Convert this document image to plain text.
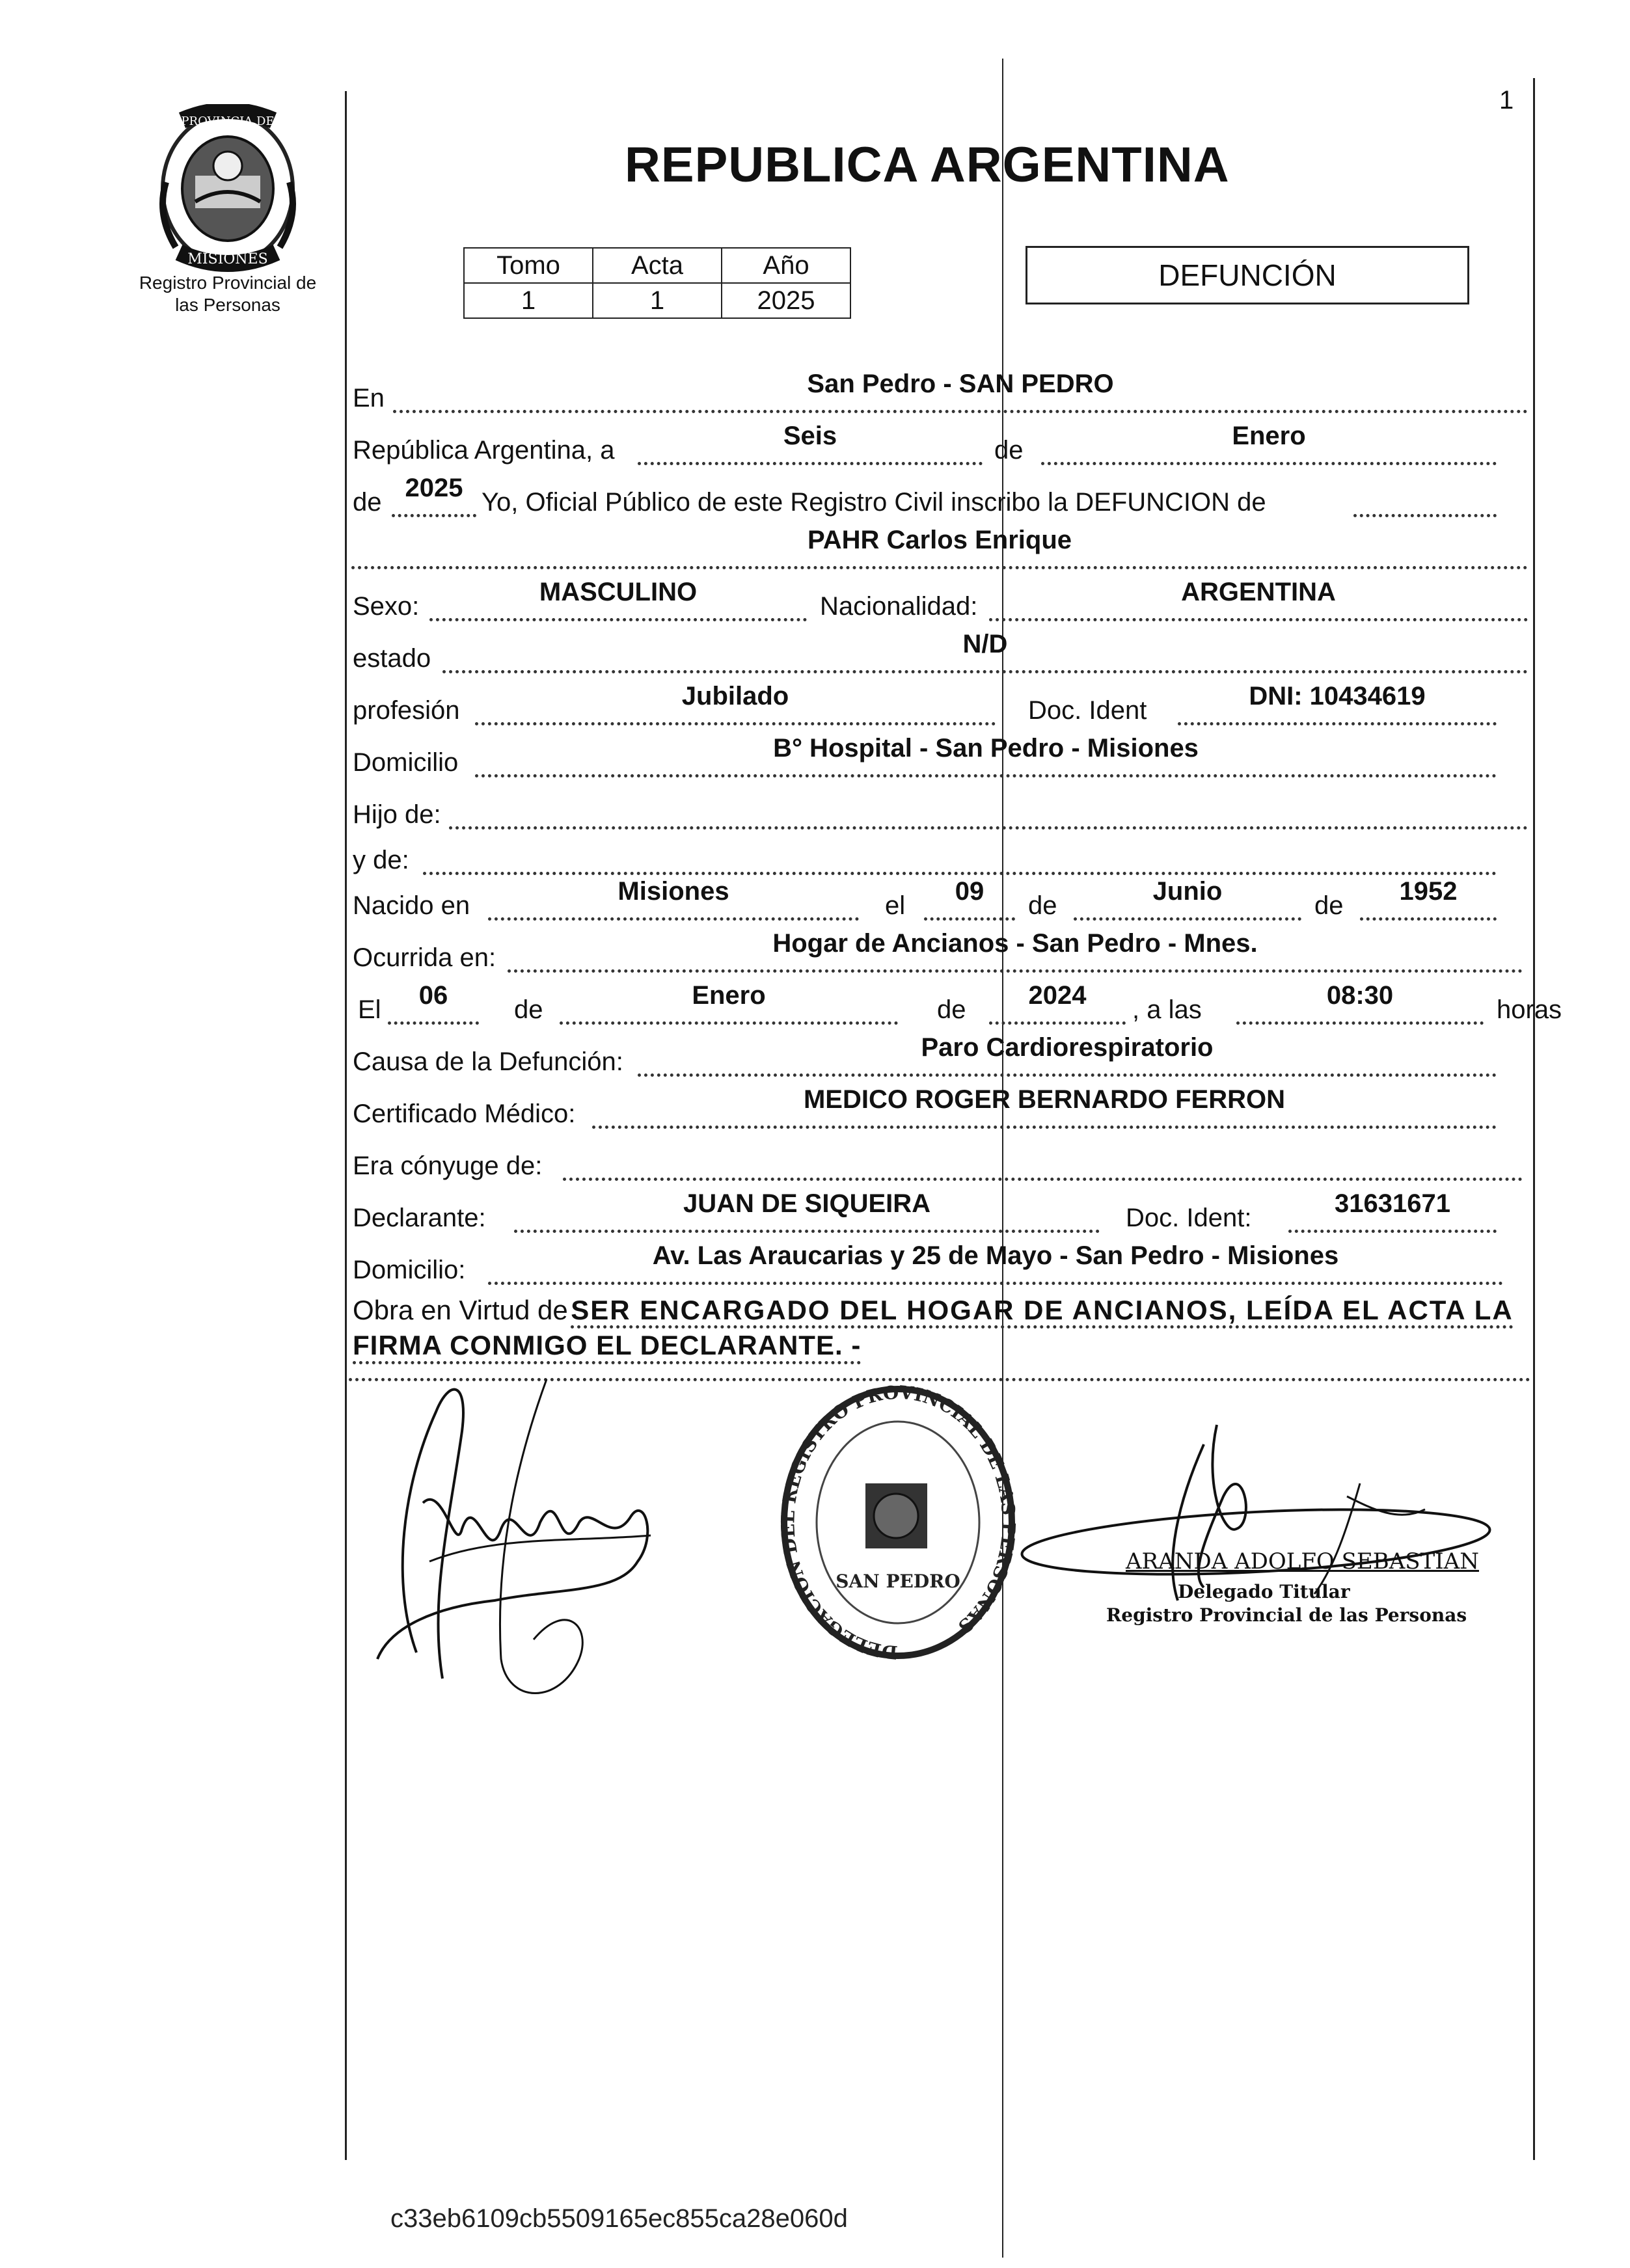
1
PROVINCIA DE
MISIONES
Registro Provincial de
las Personas
REPUBLICA ARGENTINA
Tomo	Acta	Año
1	1	2025
DEFUNCIÓN
En	San Pedro - SAN PEDRO
República Argentina, a	Seis	de	Enero
de 2025 Yo, Oficial Público de este Registro Civil inscribo la DEFUNCION de
PAHR Carlos Enrique
Sexo:	MASCULINO	Nacionalidad:	ARGENTINA
estado	N/D
profesión	Jubilado	Doc. Ident	DNI: 10434619
Domicilio	B° Hospital - San Pedro - Misiones
Hijo de:
y de:
Nacido en	Misiones	el	09	de	Junio	de	1952
Ocurrida en:	Hogar de Ancianos - San Pedro - Mnes.
El	06	de	Enero	de	2024	, a las	08:30	horas
Causa de la Defunción:	Paro Cardiorespiratorio
Certificado Médico:	MEDICO ROGER BERNARDO FERRON
Era cónyuge de:
Declarante:	JUAN DE SIQUEIRA	Doc. Ident:	31631671
Domicilio:	Av. Las Araucarias y 25 de Mayo - San Pedro - Misiones
Obra en Virtud de SER ENCARGADO DEL HOGAR DE ANCIANOS, LEÍDA EL ACTA LA
FIRMA CONMIGO EL DECLARANTE. -
DELEGACION DEL REGISTRO PROVINCIAL DE LAS PERSONAS
SAN PEDRO
ARANDA ADOLFO SEBASTIAN
Delegado Titular
Registro Provincial de las Personas
c33eb6109cb5509165ec855ca28e060d
